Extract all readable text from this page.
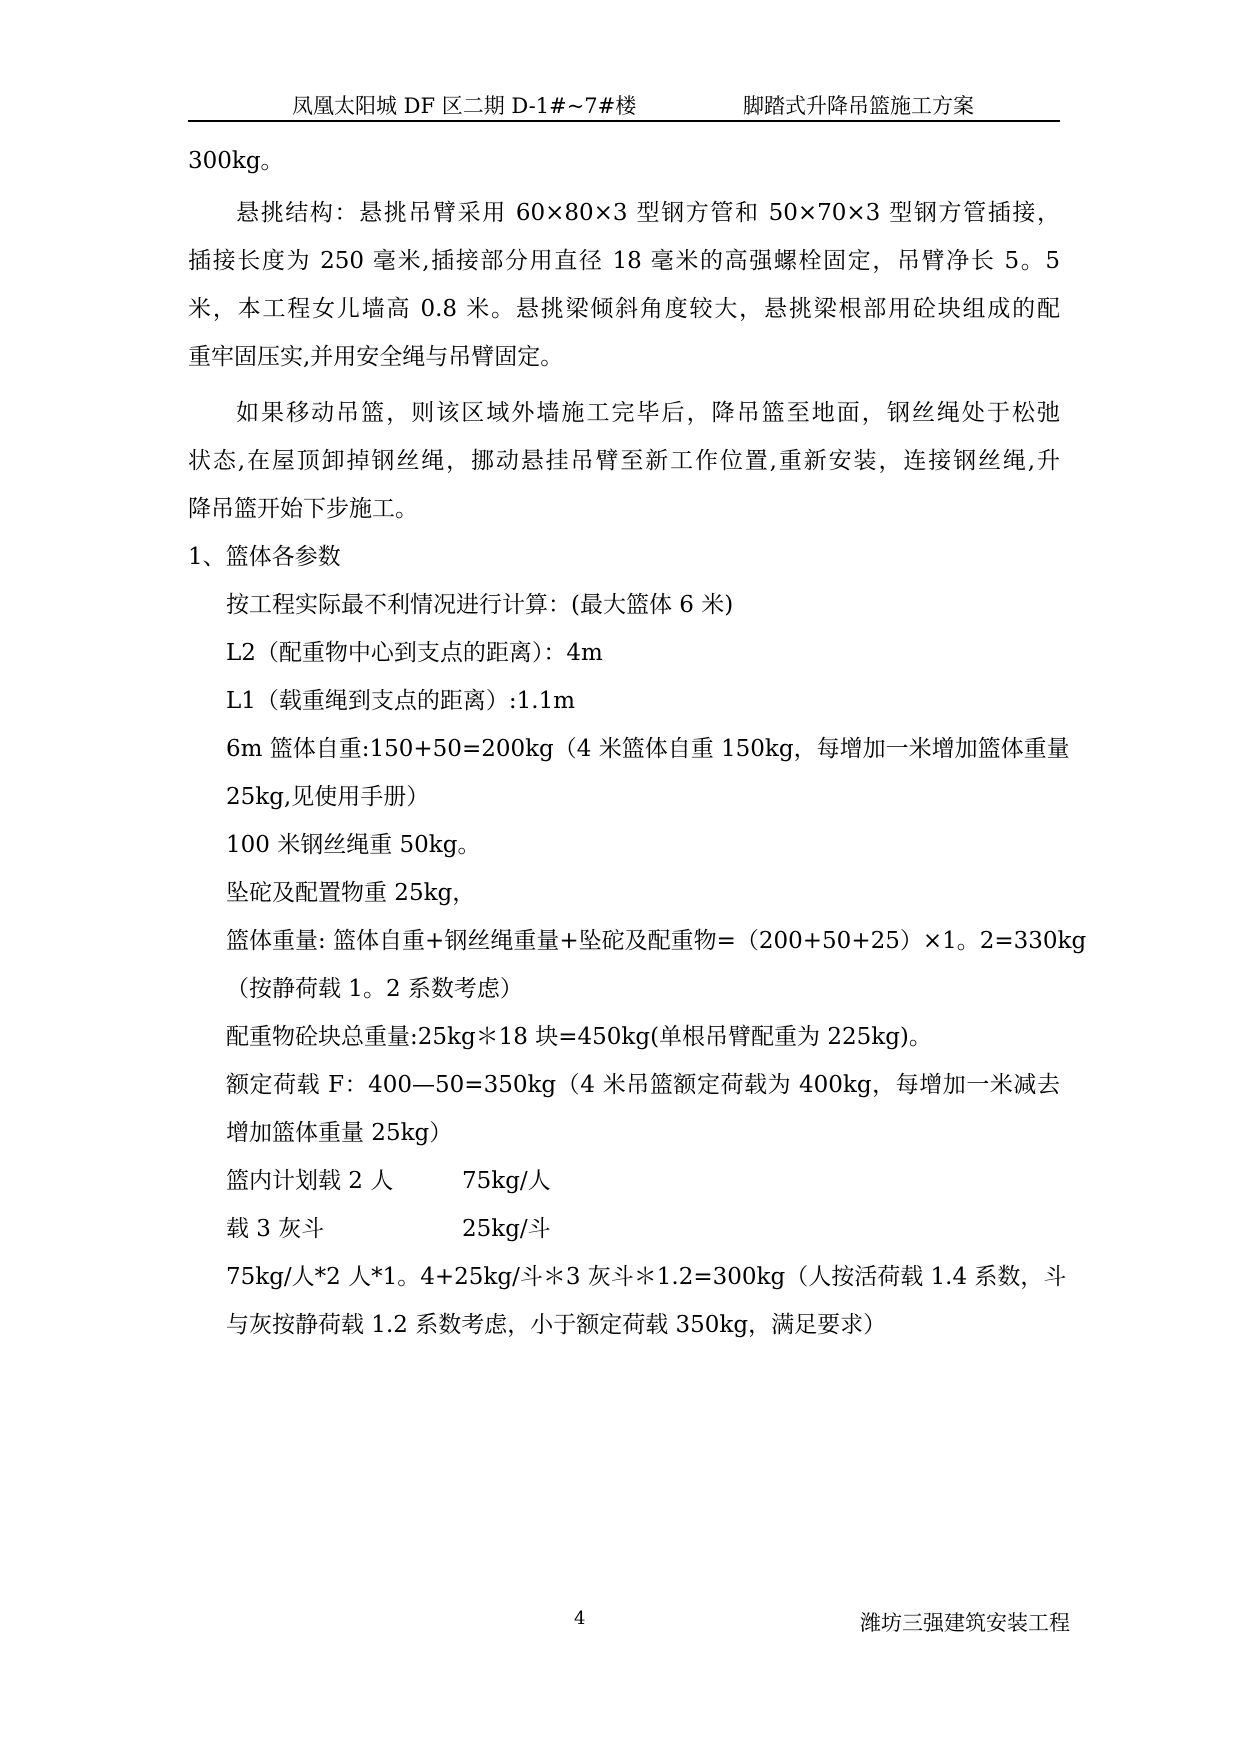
凤凰太阳城 DF 区二期 D-1#~7#楼	脚踏式升降吊篮施工方案
300kg。
悬挑结构：悬挑吊臂采用 60×80×3 型钢方管和 50×70×3 型钢方管插接，
插接长度为 250 毫米,插接部分用直径 18 毫米的高强螺栓固定，吊臂净长 5。5
米，本工程女儿墙高 0.8 米。悬挑梁倾斜角度较大，悬挑梁根部用砼块组成的配
重牢固压实,并用安全绳与吊臂固定。
如果移动吊篮，则该区域外墙施工完毕后，降吊篮至地面，钢丝绳处于松弛
状态,在屋顶卸掉钢丝绳，挪动悬挂吊臂至新工作位置,重新安装，连接钢丝绳,升
降吊篮开始下步施工。
1、篮体各参数
按工程实际最不利情况进行计算：(最大篮体 6 米)
L2（配重物中心到支点的距离）：4m
L1（载重绳到支点的距离）:1.1m
6m 篮体自重:150+50=200kg（4 米篮体自重 150kg，每增加一米增加篮体重量
25kg,见使用手册）
100 米钢丝绳重 50kg。
坠砣及配置物重 25kg，
篮体重量: 篮体自重+钢丝绳重量+坠砣及配重物=（200+50+25）×1。2=330kg
（按静荷载 1。2 系数考虑）
配重物砼块总重量:25kg＊18 块=450kg(单根吊臂配重为 225kg)。
额定荷载 F：400—50=350kg（4 米吊篮额定荷载为 400kg，每增加一米减去
增加篮体重量 25kg）
篮内计划载 2 人	75kg/人
载 3 灰斗	25kg/斗
75kg/人*2 人*1。4+25kg/斗＊3 灰斗＊1.2=300kg（人按活荷载 1.4 系数，斗
与灰按静荷载 1.2 系数考虑，小于额定荷载 350kg，满足要求）
4	潍坊三强建筑安装工程
